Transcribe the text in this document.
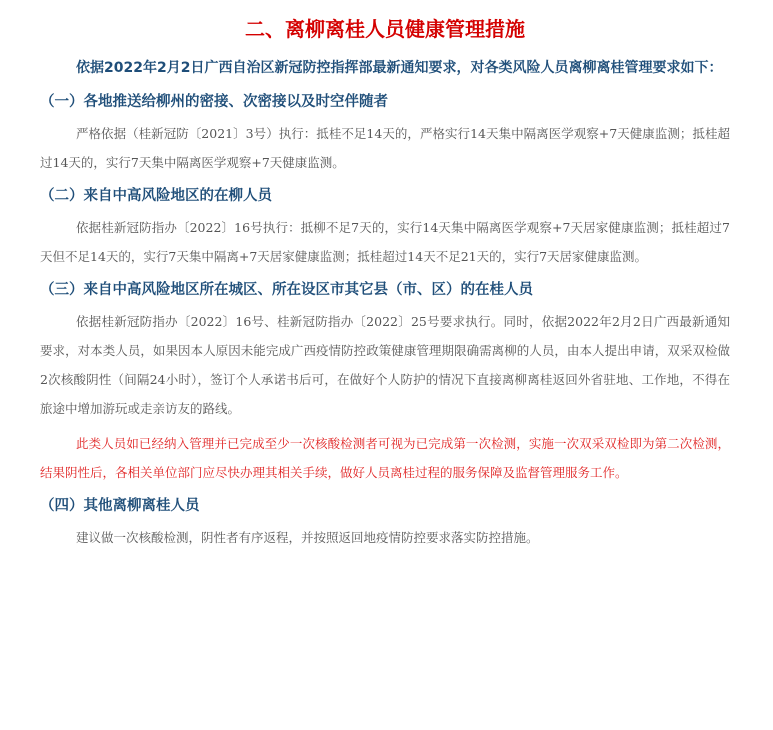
二、离柳离桂人员健康管理措施

依据2022年2月2日广西自治区新冠防控指挥部最新通知要求，对各类风险人员离柳离桂管理要求如下：

（一）各地推送给柳州的密接、次密接以及时空伴随者

严格依据（桂新冠防〔2021〕3号）执行：抵桂不足14天的，严格实行14天集中隔离医学观察+7天健康监测；抵桂超过14天的，实行7天集中隔离医学观察+7天健康监测。

（二）来自中高风险地区的在柳人员

依据桂新冠防指办〔2022〕16号执行：抵柳不足7天的，实行14天集中隔离医学观察+7天居家健康监测；抵桂超过7 天但不足14天的，实行7天集中隔离+7天居家健康监测；抵桂超过14天不足21天的，实行7天居家健康监测。

（三）来自中高风险地区所在城区、所在设区市其它县（市、区）的在桂人员

依据桂新冠防指办〔2022〕16号、桂新冠防指办〔2022〕25号要求执行。同时，依据2022年2月2日广西最新通知要求，对本类人员，如果因本人原因未能完成广西疫情防控政策健康管理期限确需离柳的人员，由本人提出申请，双采双检做2次核酸阴性（间隔24小时），签订个人承诺书后可，在做好个人防护的情况下直接离柳离桂返回外省驻地、工作地，不得在旅途中增加游玩或走亲访友的路线。

此类人员如已经纳入管理并已完成至少一次核酸检测者可视为已完成第一次检测，实施一次双采双检即为第二次检测，结果阴性后，各相关单位部门应尽快办理其相关手续，做好人员离桂过程的服务保障及监督管理服务工作。

（四）其他离柳离桂人员

建议做一次核酸检测，阴性者有序返程，并按照返回地疫情防控要求落实防控措施。
